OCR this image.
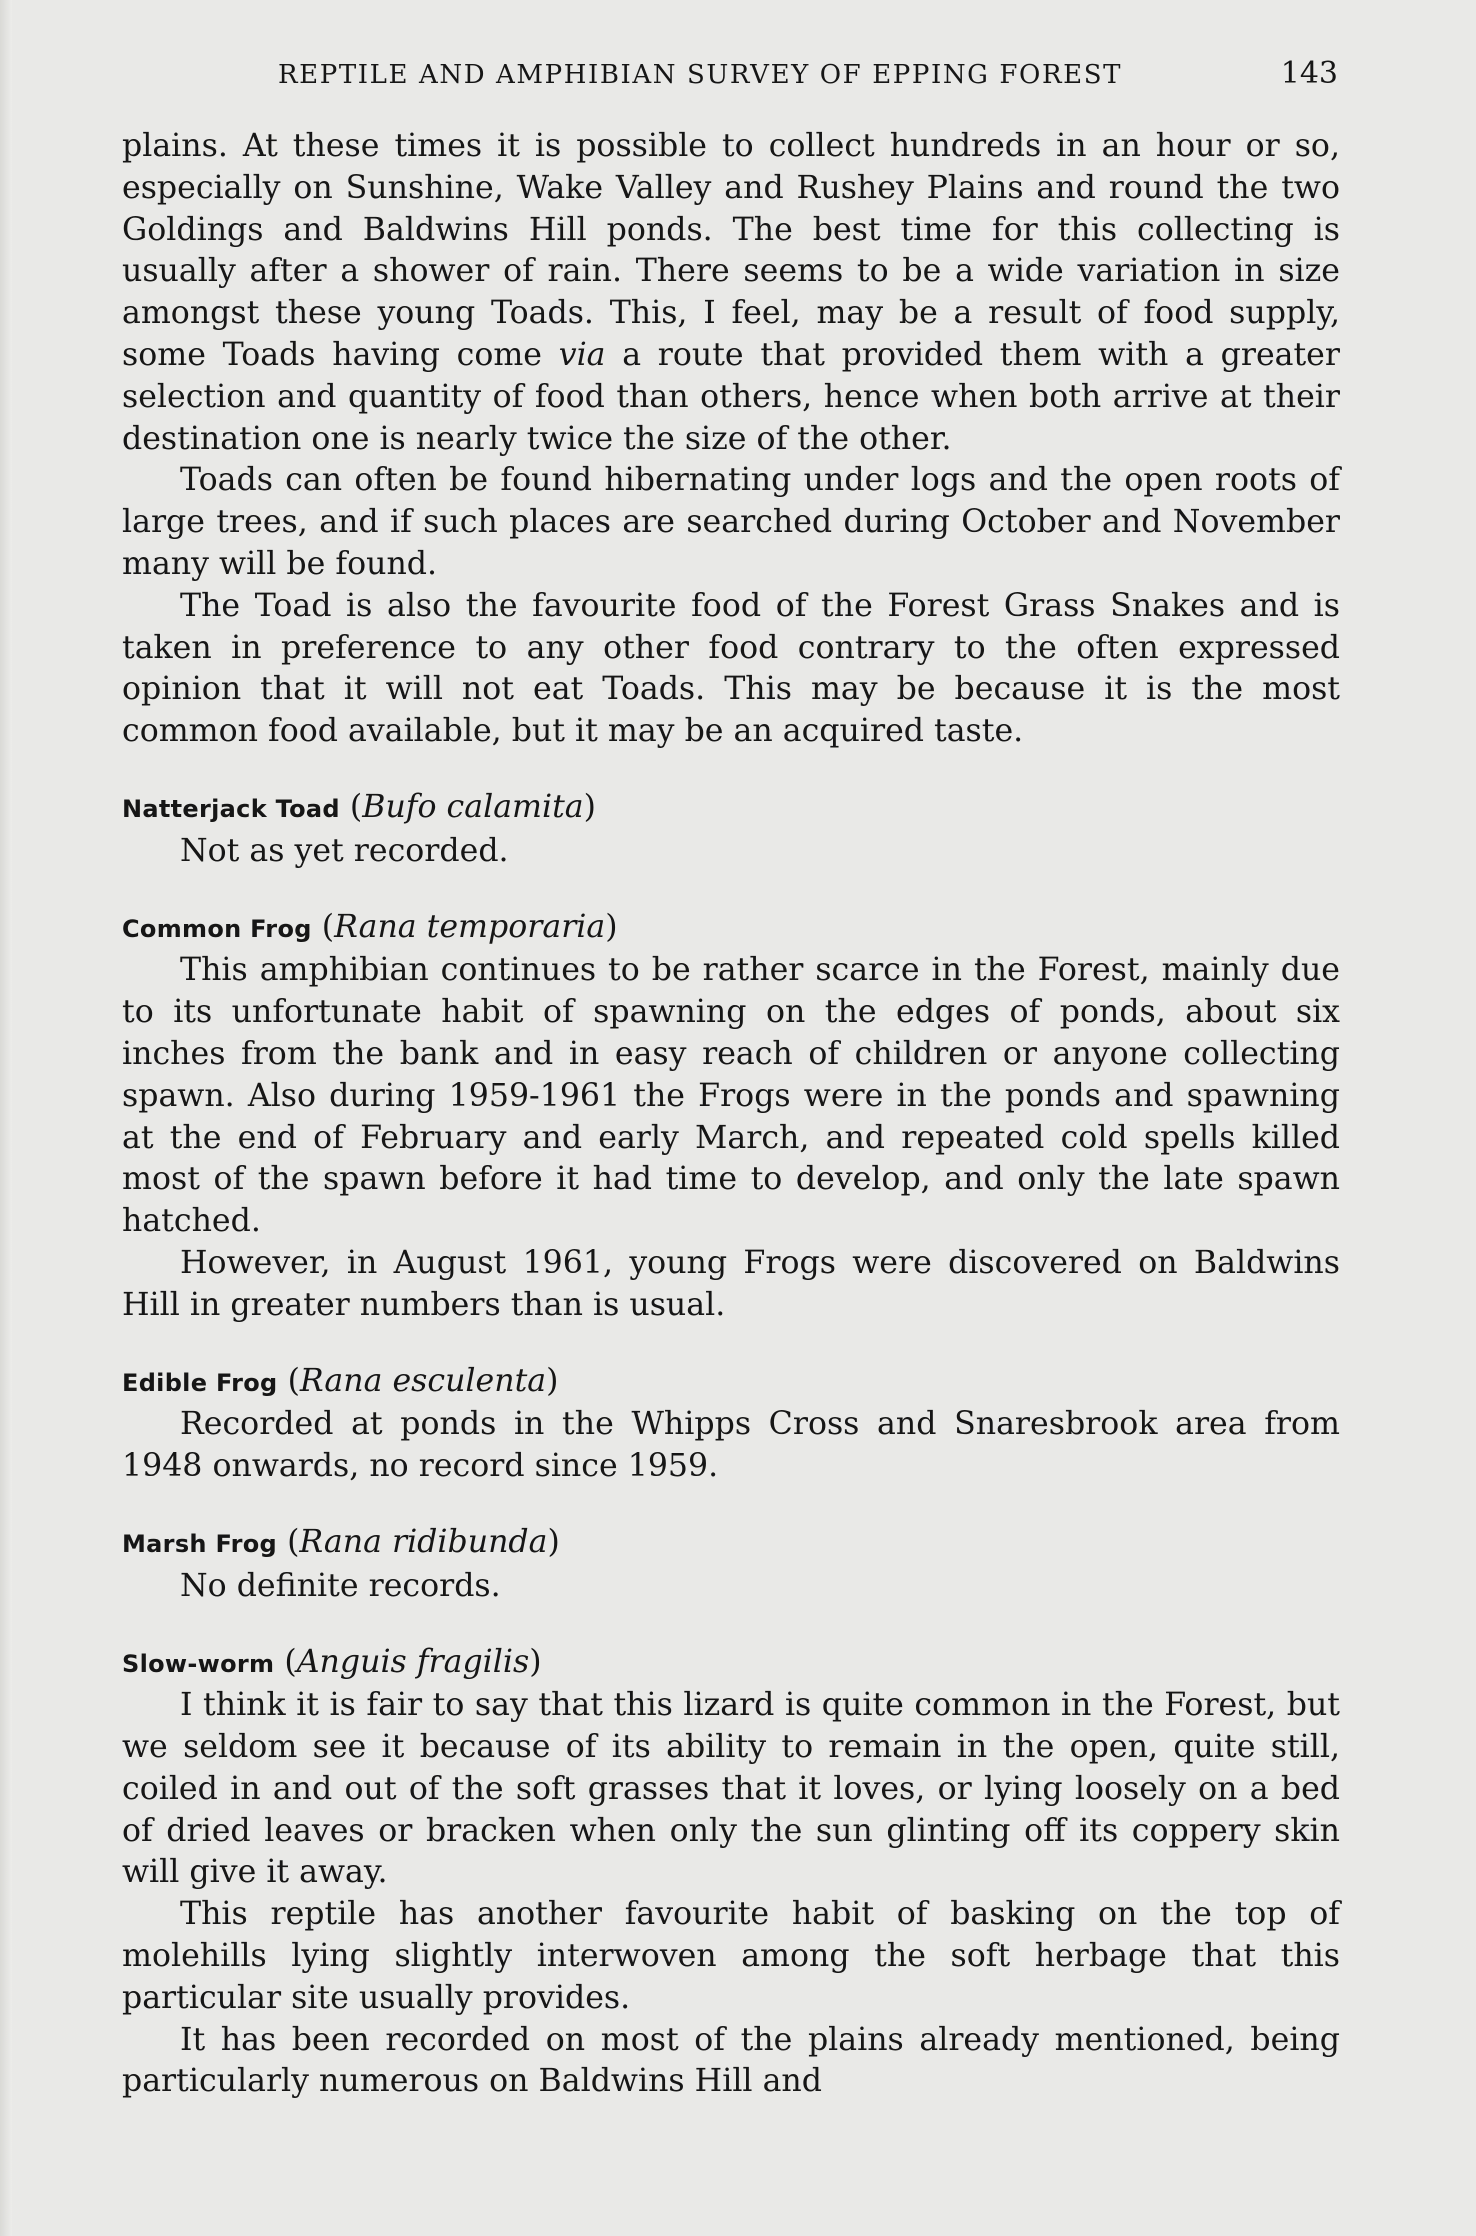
REPTILE AND AMPHIBIAN SURVEY OF EPPING FOREST	143

plains. At these times it is possible to collect hundreds in an hour or so, especially on Sunshine, Wake Valley and Rushey Plains and round the two Goldings and Baldwins Hill ponds. The best time for this collecting is usually after a shower of rain. There seems to be a wide variation in size amongst these young Toads. This, I feel, may be a result of food supply, some Toads having come via a route that provided them with a greater selection and quantity of food than others, hence when both arrive at their destination one is nearly twice the size of the other.

Toads can often be found hibernating under logs and the open roots of large trees, and if such places are searched during October and November many will be found.

The Toad is also the favourite food of the Forest Grass Snakes and is taken in preference to any other food contrary to the often expressed opinion that it will not eat Toads. This may be because it is the most common food available, but it may be an acquired taste.

Natterjack Toad (Bufo calamita)

Not as yet recorded.

Common Frog (Rana temporaria)

This amphibian continues to be rather scarce in the Forest, mainly due to its unfortunate habit of spawning on the edges of ponds, about six inches from the bank and in easy reach of children or anyone collecting spawn. Also during 1959-1961 the Frogs were in the ponds and spawning at the end of February and early March, and repeated cold spells killed most of the spawn before it had time to develop, and only the late spawn hatched.

However, in August 1961, young Frogs were discovered on Baldwins Hill in greater numbers than is usual.

Edible Frog (Rana esculenta)

Recorded at ponds in the Whipps Cross and Snaresbrook area from 1948 onwards, no record since 1959.

Marsh Frog (Rana ridibunda)

No definite records.

Slow-worm (Anguis fragilis)

I think it is fair to say that this lizard is quite common in the Forest, but we seldom see it because of its ability to remain in the open, quite still, coiled in and out of the soft grasses that it loves, or lying loosely on a bed of dried leaves or bracken when only the sun glinting off its coppery skin will give it away.

This reptile has another favourite habit of basking on the top of molehills lying slightly interwoven among the soft herbage that this particular site usually provides.

It has been recorded on most of the plains already mentioned, being particularly numerous on Baldwins Hill and
